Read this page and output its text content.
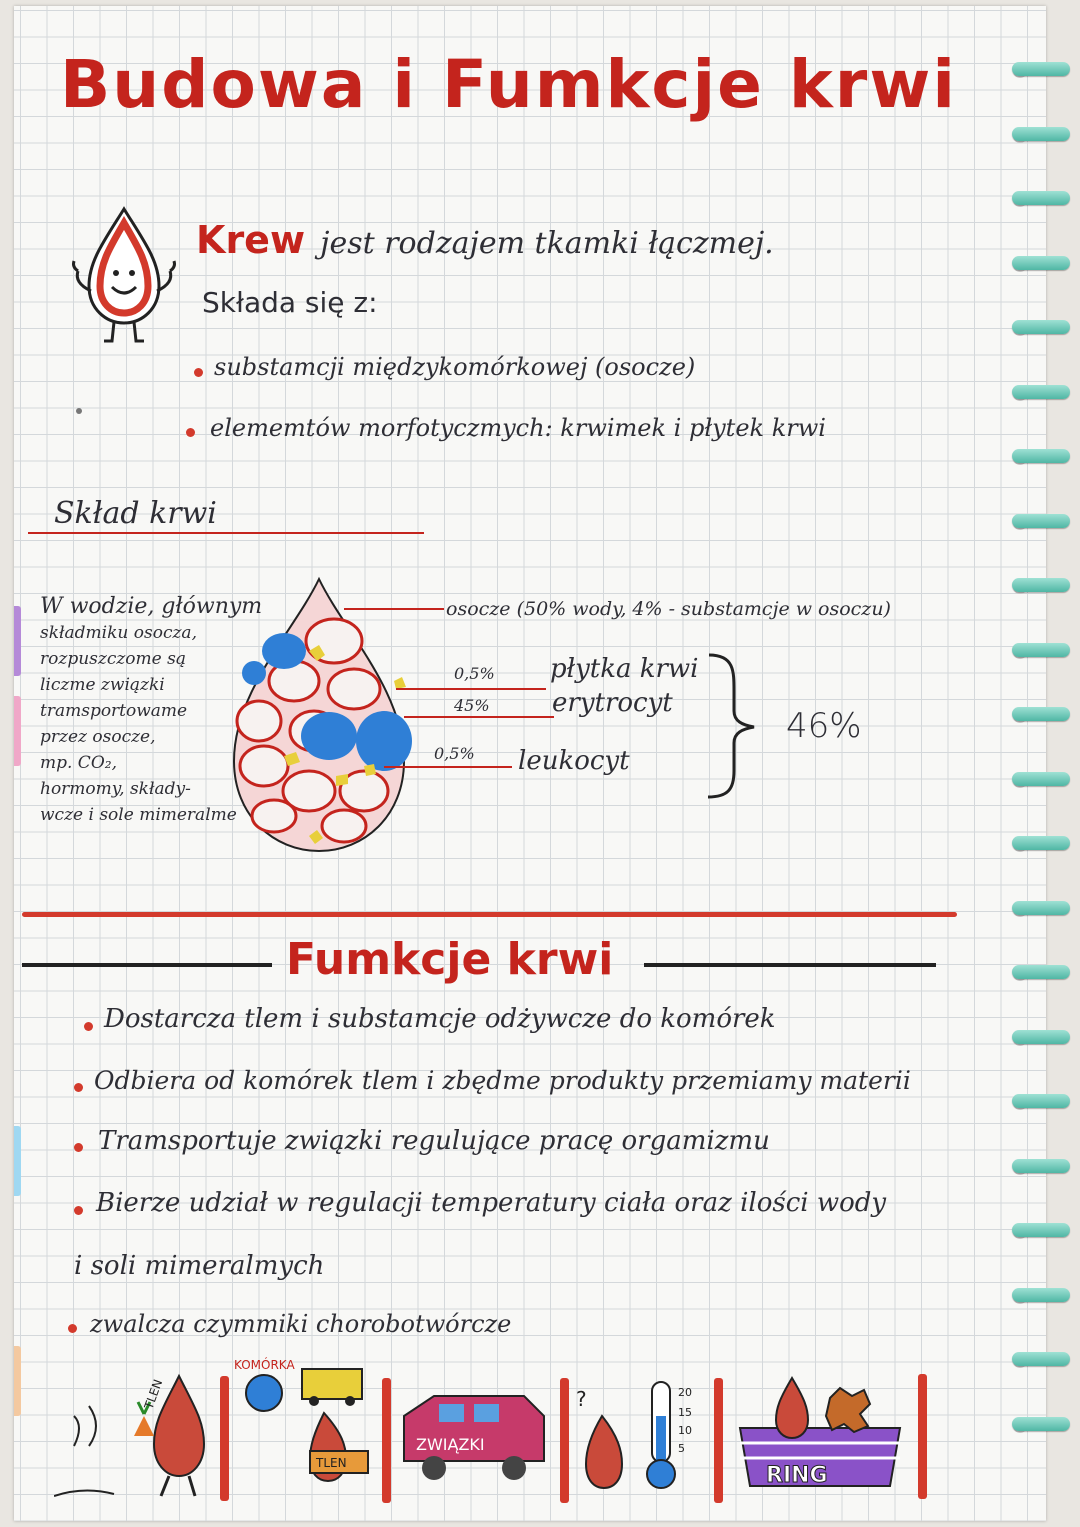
Budowa i Fumkcje krwi
Krew jest rodzajem tkamki łączmej.
Składa się z:
substamcji międzykomórkowej (osocze)
elememtów morfotyczmych: krwimek i płytek krwi
Skład krwi
W wodzie, głównym
składmiku osocza,
rozpuszczome są
liczme związki
tramsportowame
przez osocze,
mp. CO₂,
hormomy, składy-
wcze i sole mimeralme
osocze (50% wody, 4% - substamcje w osoczu)
0,5% płytka krwi
45% erytrocyt
0,5% leukocyt
46%
Fumkcje krwi
Dostarcza tlem i substamcje odżywcze do komórek
Odbiera od komórek tlem i zbędme produkty przemiamy materii
Tramsportuje związki regulujące pracę orgamizmu
Bierze udział w regulacji temperatury ciała oraz ilości wody
i soli mimeralmych
zwalcza czymmiki chorobotwórcze
TLEN
KOMÓRKA
TLEN
ZWIĄZKI
?	20
15
10
5
RING
